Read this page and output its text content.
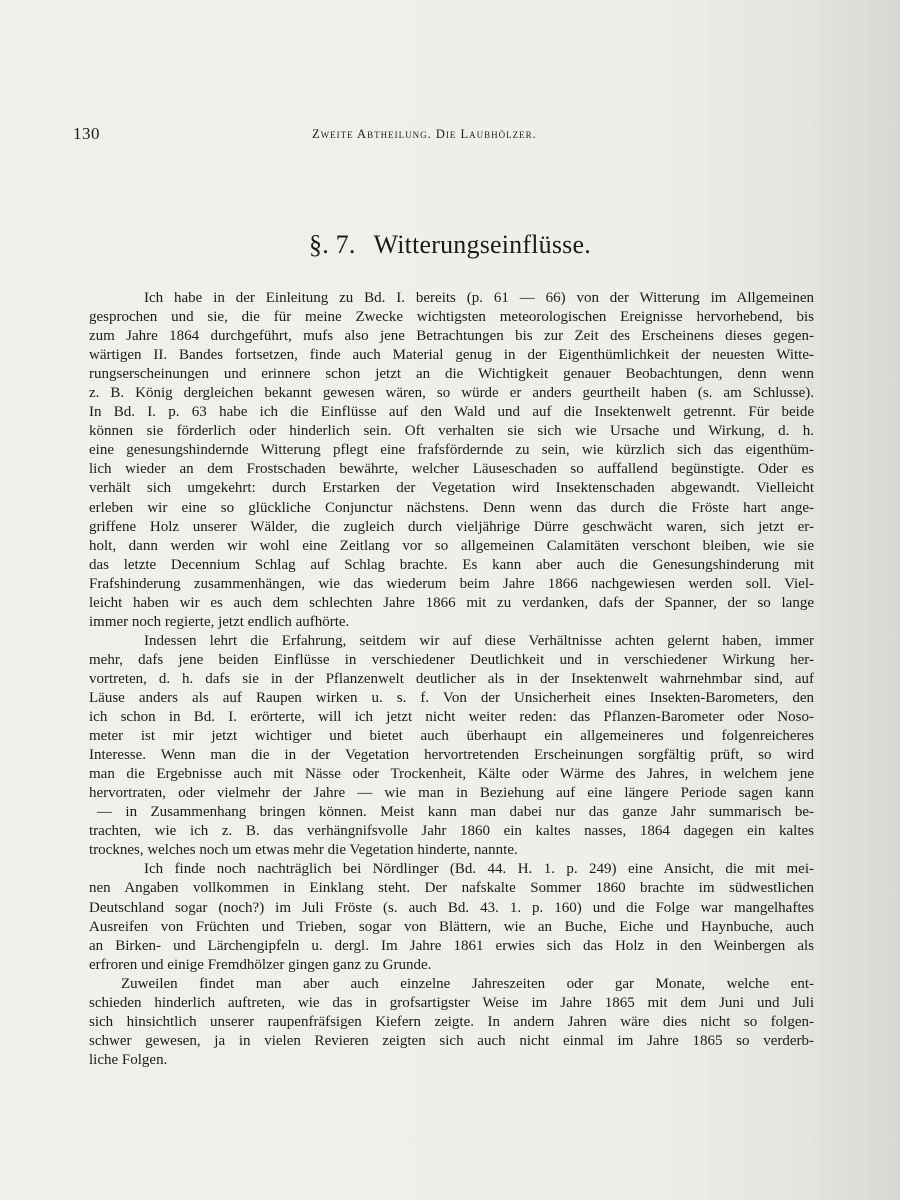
130	Zweite Abtheilung. Die Laubhölzer.
§. 7. Witterungseinflüsse.
Ich habe in der Einleitung zu Bd. I. bereits (p. 61 — 66) von der Witterung im Allgemeinen
gesprochen und sie, die für meine Zwecke wichtigsten meteorologischen Ereignisse hervorhebend, bis
zum Jahre 1864 durchgeführt, mufs also jene Betrachtungen bis zur Zeit des Erscheinens dieses gegen-
wärtigen II. Bandes fortsetzen, finde auch Material genug in der Eigenthümlichkeit der neuesten Witte-
rungserscheinungen und erinnere schon jetzt an die Wichtigkeit genauer Beobachtungen, denn wenn
z. B. König dergleichen bekannt gewesen wären, so würde er anders geurtheilt haben (s. am Schlusse).
In Bd. I. p. 63 habe ich die Einflüsse auf den Wald und auf die Insektenwelt getrennt. Für beide
können sie förderlich oder hinderlich sein. Oft verhalten sie sich wie Ursache und Wirkung, d. h.
eine genesungshindernde Witterung pflegt eine frafsfördernde zu sein, wie kürzlich sich das eigenthüm-
lich wieder an dem Frostschaden bewährte, welcher Läuseschaden so auffallend begünstigte. Oder es
verhält sich umgekehrt: durch Erstarken der Vegetation wird Insektenschaden abgewandt. Vielleicht
erleben wir eine so glückliche Conjunctur nächstens. Denn wenn das durch die Fröste hart ange-
griffene Holz unserer Wälder, die zugleich durch vieljährige Dürre geschwächt waren, sich jetzt er-
holt, dann werden wir wohl eine Zeitlang vor so allgemeinen Calamitäten verschont bleiben, wie sie
das letzte Decennium Schlag auf Schlag brachte. Es kann aber auch die Genesungshinderung mit
Frafshinderung zusammenhängen, wie das wiederum beim Jahre 1866 nachgewiesen werden soll. Viel-
leicht haben wir es auch dem schlechten Jahre 1866 mit zu verdanken, dafs der Spanner, der so lange
immer noch regierte, jetzt endlich aufhörte.
Indessen lehrt die Erfahrung, seitdem wir auf diese Verhältnisse achten gelernt haben, immer
mehr, dafs jene beiden Einflüsse in verschiedener Deutlichkeit und in verschiedener Wirkung her-
vortreten, d. h. dafs sie in der Pflanzenwelt deutlicher als in der Insektenwelt wahrnehmbar sind, auf
Läuse anders als auf Raupen wirken u. s. f. Von der Unsicherheit eines Insekten-Barometers, den
ich schon in Bd. I. erörterte, will ich jetzt nicht weiter reden: das Pflanzen-Barometer oder Noso-
meter ist mir jetzt wichtiger und bietet auch überhaupt ein allgemeineres und folgenreicheres
Interesse. Wenn man die in der Vegetation hervortretenden Erscheinungen sorgfältig prüft, so wird
man die Ergebnisse auch mit Nässe oder Trockenheit, Kälte oder Wärme des Jahres, in welchem jene
hervortraten, oder vielmehr der Jahre — wie man in Beziehung auf eine längere Periode sagen kann
— in Zusammenhang bringen können. Meist kann man dabei nur das ganze Jahr summarisch be-
trachten, wie ich z. B. das verhängnifsvolle Jahr 1860 ein kaltes nasses, 1864 dagegen ein kaltes
trocknes, welches noch um etwas mehr die Vegetation hinderte, nannte.
Ich finde noch nachträglich bei Nördlinger (Bd. 44. H. 1. p. 249) eine Ansicht, die mit mei-
nen Angaben vollkommen in Einklang steht. Der nafskalte Sommer 1860 brachte im südwestlichen
Deutschland sogar (noch?) im Juli Fröste (s. auch Bd. 43. 1. p. 160) und die Folge war mangelhaftes
Ausreifen von Früchten und Trieben, sogar von Blättern, wie an Buche, Eiche und Haynbuche, auch
an Birken- und Lärchengipfeln u. dergl. Im Jahre 1861 erwies sich das Holz in den Weinbergen als
erfroren und einige Fremdhölzer gingen ganz zu Grunde.
Zuweilen findet man aber auch einzelne Jahreszeiten oder gar Monate, welche ent-
schieden hinderlich auftreten, wie das in grofsartigster Weise im Jahre 1865 mit dem Juni und Juli
sich hinsichtlich unserer raupenfräfsigen Kiefern zeigte. In andern Jahren wäre dies nicht so folgen-
schwer gewesen, ja in vielen Revieren zeigten sich auch nicht einmal im Jahre 1865 so verderb-
liche Folgen.
